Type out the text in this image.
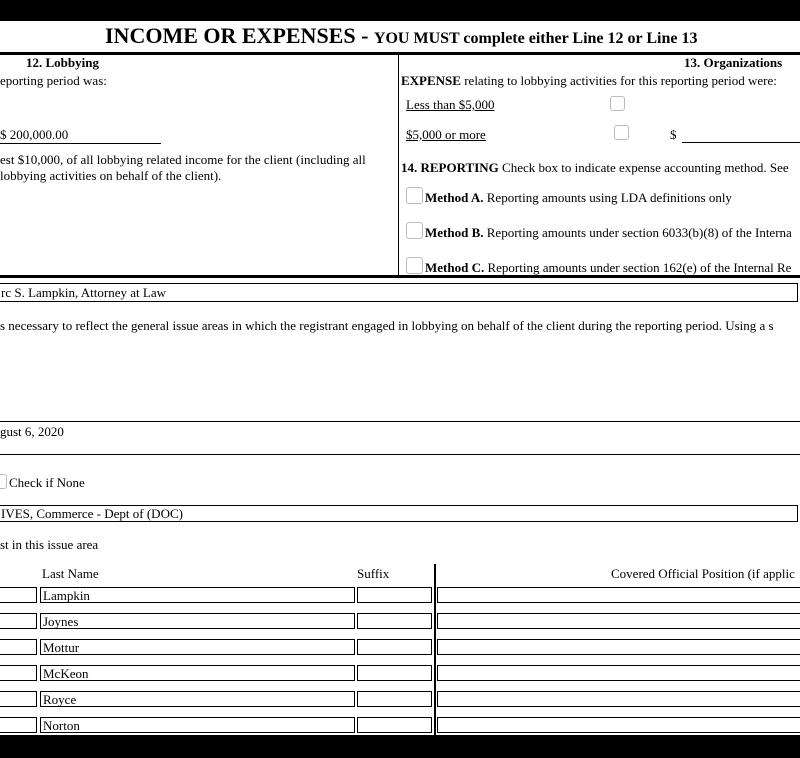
INCOME OR EXPENSES - YOU MUST complete either Line 12 or Line 13
12. Lobbying
eporting period was:
$ 200,000.00
est $10,000, of all lobbying related income for the client (including all
lobbying activities on behalf of the client).
13. Organizations
EXPENSE relating to lobbying activities for this reporting period were:
Less than $5,000
$5,000 or more	$
14. REPORTING Check box to indicate expense accounting method. See
Method A. Reporting amounts using LDA definitions only
Method B. Reporting amounts under section 6033(b)(8) of the Interna
Method C. Reporting amounts under section 162(e) of the Internal Re
rc S. Lampkin, Attorney at Law
s necessary to reflect the general issue areas in which the registrant engaged in lobbying on behalf of the client during the reporting period. Using a s
gust 6, 2020
Check if None
IVES, Commerce - Dept of (DOC)
st in this issue area
Last Name	Suffix	Covered Official Position (if applic
Lampkin
Joynes
Mottur
McKeon
Royce
Norton
